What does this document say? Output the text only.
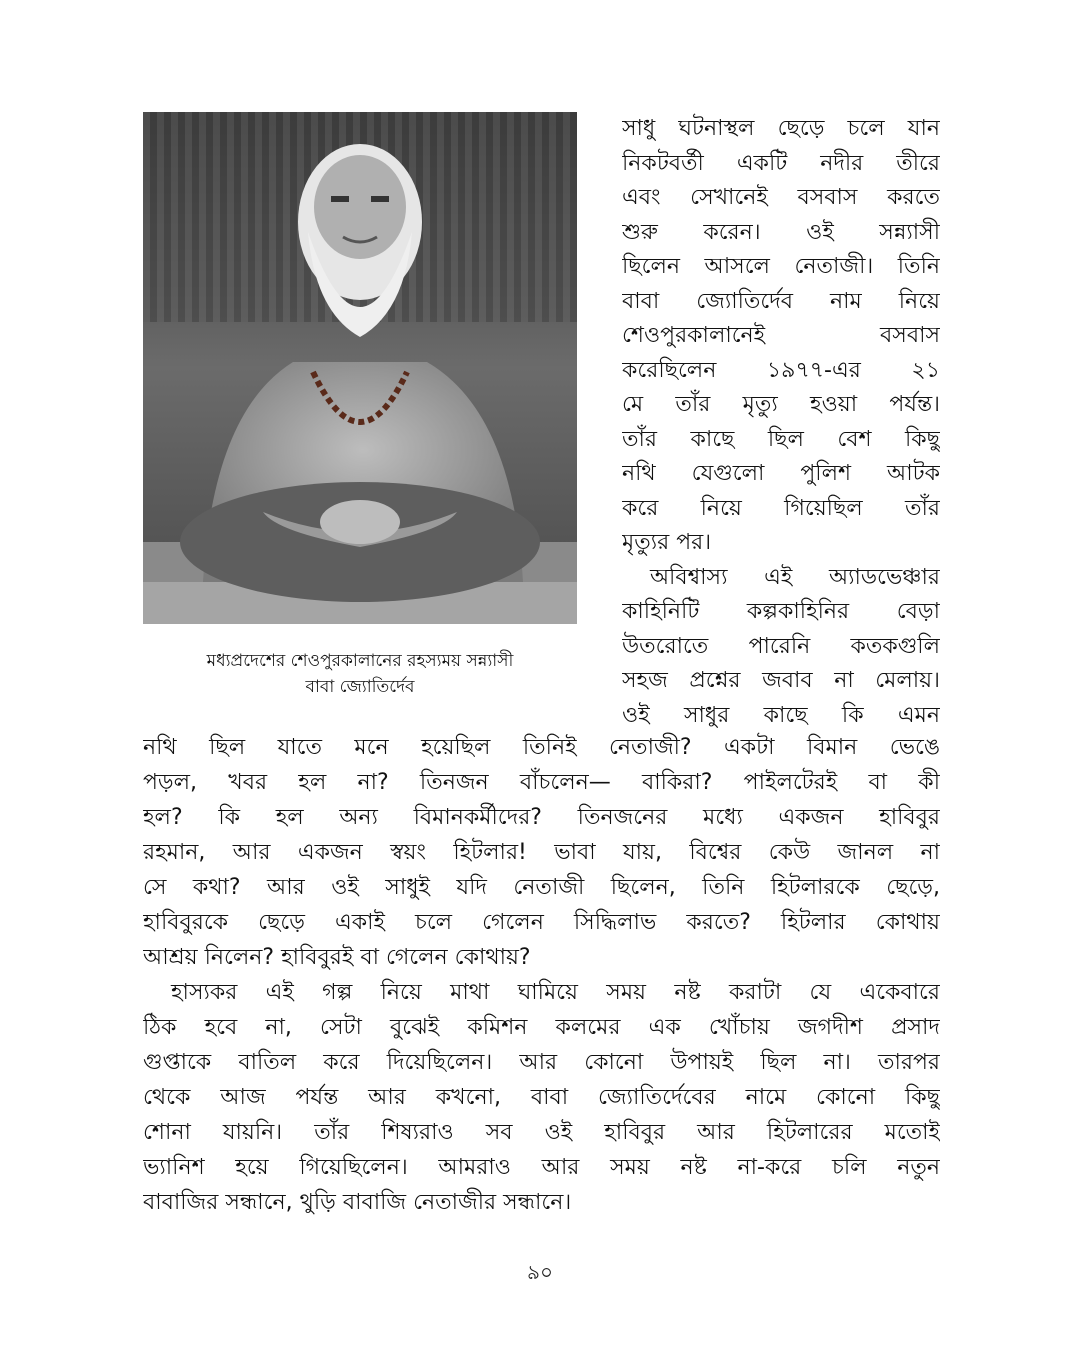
মধ্যপ্রদেশের শেওপুরকালানের রহস্যময় সন্ন্যাসী
বাবা জ্যোতির্দেব
সাধু ঘটনাস্থল ছেড়ে চলে যান
নিকটবর্তী একটি নদীর তীরে
এবং সেখানেই বসবাস করতে
শুরু করেন। ওই সন্ন্যাসী
ছিলেন আসলে নেতাজী। তিনি
বাবা জ্যোতির্দেব নাম নিয়ে
শেওপুরকালানেই বসবাস
করেছিলেন ১৯৭৭-এর ২১
মে তাঁর মৃত্যু হওয়া পর্যন্ত।
তাঁর কাছে ছিল বেশ কিছু
নথি যেগুলো পুলিশ আটক
করে নিয়ে গিয়েছিল তাঁর
মৃত্যুর পর।
অবিশ্বাস্য এই অ্যাডভেঞ্চার
কাহিনিটি কল্পকাহিনির বেড়া
উতরোতে পারেনি কতকগুলি
সহজ প্রশ্নের জবাব না মেলায়।
ওই সাধুর কাছে কি এমন
নথি ছিল যাতে মনে হয়েছিল তিনিই নেতাজী? একটা বিমান ভেঙে
পড়ল, খবর হল না? তিনজন বাঁচলেন— বাকিরা? পাইলটেরই বা কী
হল? কি হল অন্য বিমানকর্মীদের? তিনজনের মধ্যে একজন হাবিবুর
রহমান, আর একজন স্বয়ং হিটলার! ভাবা যায়, বিশ্বের কেউ জানল না
সে কথা? আর ওই সাধুই যদি নেতাজী ছিলেন, তিনি হিটলারকে ছেড়ে,
হাবিবুরকে ছেড়ে একাই চলে গেলেন সিদ্ধিলাভ করতে? হিটলার কোথায়
আশ্রয় নিলেন? হাবিবুরই বা গেলেন কোথায়?
হাস্যকর এই গল্প নিয়ে মাথা ঘামিয়ে সময় নষ্ট করাটা যে একেবারে
ঠিক হবে না, সেটা বুঝেই কমিশন কলমের এক খোঁচায় জগদীশ প্রসাদ
গুপ্তাকে বাতিল করে দিয়েছিলেন। আর কোনো উপায়ই ছিল না। তারপর
থেকে আজ পর্যন্ত আর কখনো, বাবা জ্যোতির্দেবের নামে কোনো কিছু
শোনা যায়নি। তাঁর শিষ্যরাও সব ওই হাবিবুর আর হিটলারের মতোই
ভ্যানিশ হয়ে গিয়েছিলেন। আমরাও আর সময় নষ্ট না-করে চলি নতুন
বাবাজির সন্ধানে, থুড়ি বাবাজি নেতাজীর সন্ধানে।
৯০
